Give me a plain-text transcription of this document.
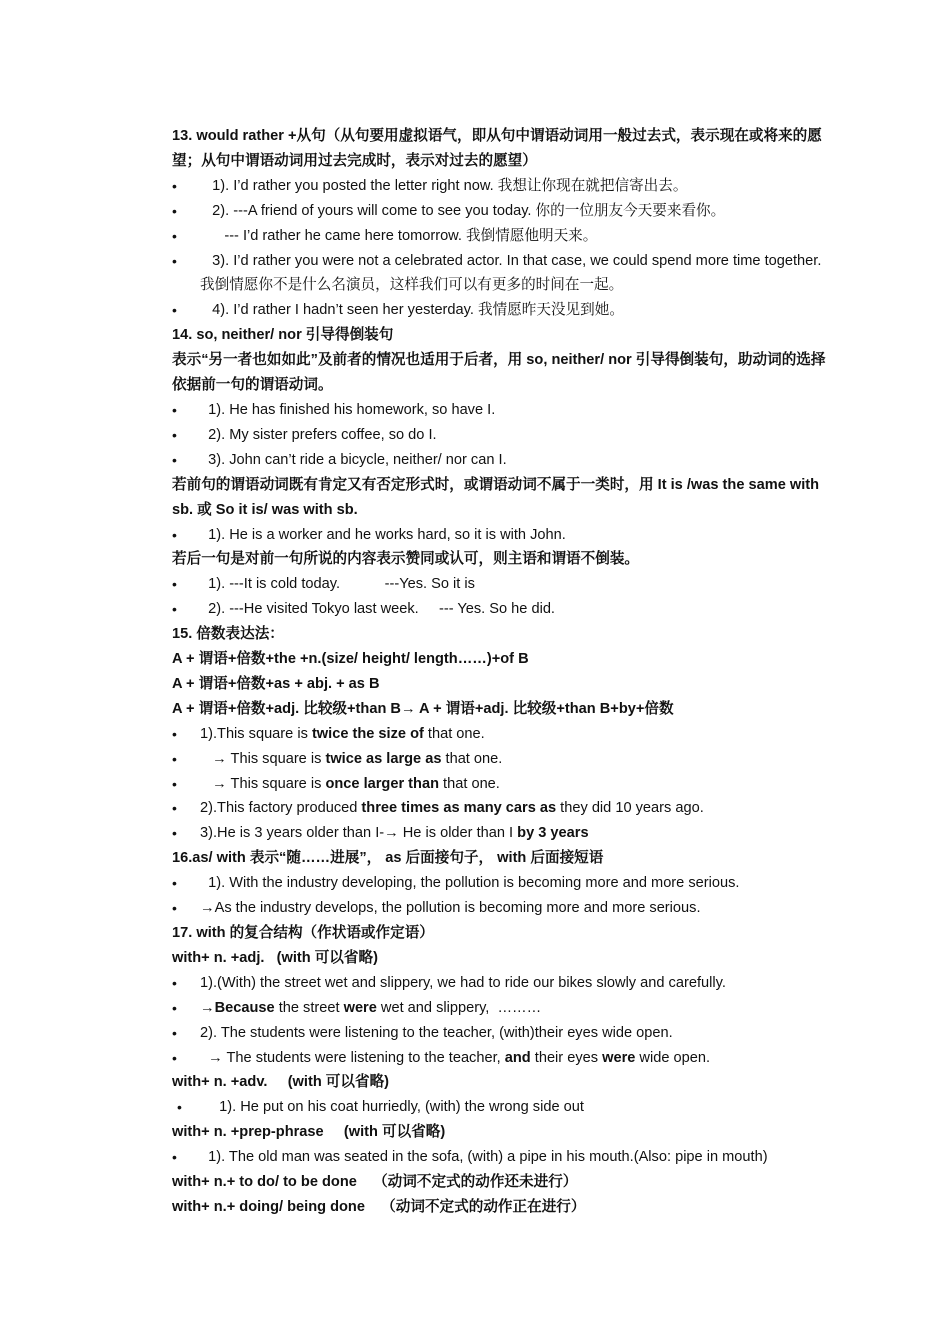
13. would rather +从句（从句要用虚拟语气，即从句中谓语动词用一般过去式，表示现在或将来的愿望；从句中谓语动词用过去完成时，表示对过去的愿望）
• 1). I’d rather you posted the letter right now. 我想让你现在就把信寄出去。
• 2). ---A friend of yours will come to see you today. 你的一位朋友今天要来看你。
• --- I’d rather he came here tomorrow. 我倒情愿他明天来。
• 3). I’d rather you were not a celebrated actor. In that case, we could spend more time together. 我倒情愿你不是什么名演员，这样我们可以有更多的时间在一起。
• 4). I’d rather I hadn’t seen her yesterday. 我情愿昨天没见到她。
14. so, neither/ nor 引导得倒装句
表示“另一者也如如此”及前者的情况也适用于后者，用 so, neither/ nor 引导得倒装句，助动词的选择依据前一句的谓语动词。
• 1). He has finished his homework, so have I.
• 2). My sister prefers coffee, so do I.
• 3). John can’t ride a bicycle, neither/ nor can I.
若前句的谓语动词既有肯定又有否定形式时，或谓语动词不属于一类时，用 It is /was the same with sb. 或 So it is/ was with sb.
• 1). He is a worker and he works hard, so it is with John.
若后一句是对前一句所说的内容表示赞同或认可，则主语和谓语不倒装。
• 1). ---It is cold today.           ---Yes. So it is
• 2). ---He visited Tokyo last week.     --- Yes. So he did.
15. 倍数表达法：
A + 谓语+倍数+the +n.(size/ height/ length……)+of B
A + 谓语+倍数+as + abj. + as B
A + 谓语+倍数+adj. 比较级+than B→ A + 谓语+adj. 比较级+than B+by+倍数
• 1).This square is twice the size of that one.
• → This square is twice as large as that one.
• → This square is once larger than that one.
• 2).This factory produced three times as many cars as they did 10 years ago.
• 3).He is 3 years older than I-→ He is older than I by 3 years
16.as/ with 表示“随……进展”， as 后面接句子， with 后面接短语
• 1). With the industry developing, the pollution is becoming more and more serious.
• →As the industry develops, the pollution is becoming more and more serious.
17. with 的复合结构（作状语或作定语）
with+ n. +adj.   (with 可以省略)
• 1).(With) the street wet and slippery, we had to ride our bikes slowly and carefully.
• →Because the street were wet and slippery,  ………
• 2). The students were listening to the teacher, (with)their eyes wide open.
• → The students were listening to the teacher, and their eyes were wide open.
with+ n. +adv.     (with 可以省略)
• 1). He put on his coat hurriedly, (with) the wrong side out
with+ n. +prep-phrase     (with 可以省略)
• 1). The old man was seated in the sofa, (with) a pipe in his mouth.(Also: pipe in mouth)
with+ n.+ to do/ to be done    （动词不定式的动作还未进行）
with+ n.+ doing/ being done    （动词不定式的动作正在进行）
